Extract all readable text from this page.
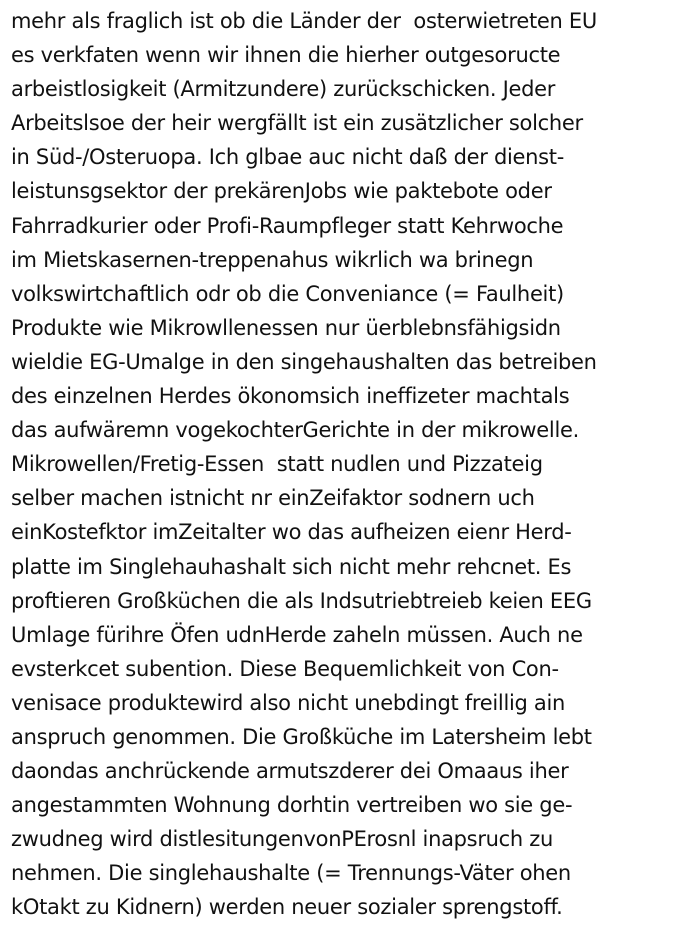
mehr als fraglich ist ob die Länder der  osterwietreten EU
es verkfaten wenn wir ihnen die hierher outgesoructe
arbeistlosigkeit (Armitzundere) zurückschicken. Jeder
Arbeitslsoe der heir wergfällt ist ein zusätzlicher solcher
in Süd-/Osteruopa. Ich glbae auc nicht daß der dienst-
leistunsgsektor der prekärenJobs wie paktebote oder
Fahrradkurier oder Profi-Raumpfleger statt Kehrwoche
im Mietskasernen-treppenahus wikrlich wa brinegn
volkswirtchaftlich odr ob die Conveniance (= Faulheit)
Produkte wie Mikrowllenessen nur üerblebnsfähigsidn
wieldie EG-Umalge in den singehaushalten das betreiben
des einzelnen Herdes ökonomsich ineffizeter machtals
das aufwäremn vogekochterGerichte in der mikrowelle.
Mikrowellen/Fretig-Essen  statt nudlen und Pizzateig
selber machen istnicht nr einZeifaktor sodnern uch
einKostefktor imZeitalter wo das aufheizen eienr Herd-
platte im Singlehauhashalt sich nicht mehr rehcnet. Es
proftieren Großküchen die als Indsutriebtreieb keien EEG
Umlage fürihre Öfen udnHerde zaheln müssen. Auch ne
evsterkcet subention. Diese Bequemlichkeit von Con-
venisace produktewird also nicht unebdingt freillig ain
anspruch genommen. Die Großküche im Latersheim lebt
daondas anchrückende armutszderer dei Omaaus iher
angestammten Wohnung dorhtin vertreiben wo sie ge-
zwudneg wird distlesitungenvonPErosnl inapsruch zu
nehmen. Die singlehaushalte (= Trennungs-Väter ohen
kOtakt zu Kidnern) werden neuer sozialer sprengstoff.
